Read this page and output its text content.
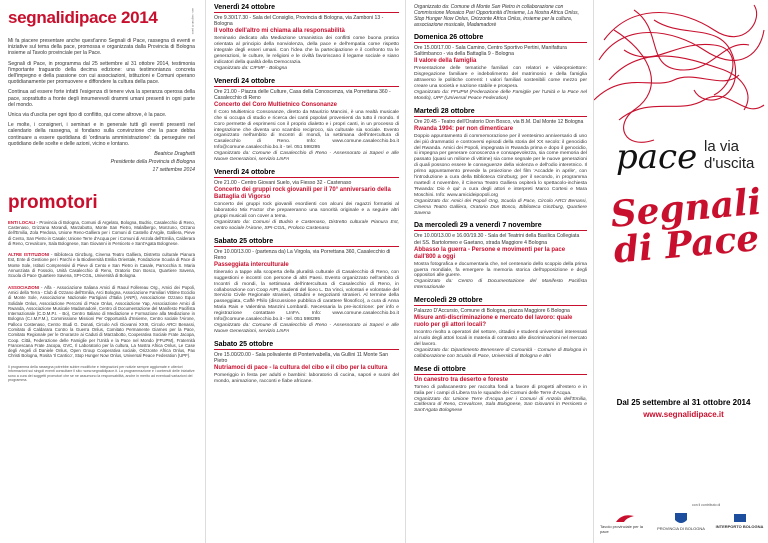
segnalidipace 2014	ass. segnali di pace

Mi fa piacere presentare anche quest'anno Segnali di Pace, rassegna di eventi e iniziative sul tema della pace, promossa e organizzata dalla Provincia di Bologna insieme al Tavolo provinciale per la Pace.

Segnali di Pace, in programma dal 25 settembre al 31 ottobre 2014, testimonia l'importante traguardo della decima edizione: una testimonianza concreta dell'impegno e della passione con cui associazioni, istituzioni e Comuni operano quotidianamente per promuovere e diffondere la cultura della pace.

Continua ad essere forte infatti l'esigenza di tenere viva la speranza operosa della pace, soprattutto a fronte degli innumerevoli drammi umani presenti in ogni parte del mondo.

Unica via d'uscita per ogni tipo di conflitto, qui come altrove, è la pace.

Le molte, i consigneri, i seminari e in generale tutti gli eventi presenti nel calendario della rassegna, si fondano sulla convinzione che la pace debba continuare a essere quotidiana di 'ordinaria amministrazione': da perseguire nel quotidiano delle scelte e delle azioni, vicino e lontano.

Beatrice Draghetti
Presidente della Provincia di Bologna
17 settembre 2014
promotori
ENTI LOCALI - Provincia di Bologna, Comuni di Argelato, Bologna, Budrio, Casalecchio di Reno, Castenaso, Grizzana Morandi, Marzabotto, Monte San Pietro, Malalbergo, Monzuno, Ozzano dell'Emilia, Zola Predosa, Unione Reno-Galliera per i Comuni di Castello d'Argile, Galliera, Pieve di Cento, San Pietro in Casale; Unione Terre d'Acqua per i Comuni di Anzola dell'Emilia, Calderara di Reno, Crevalcore, Sala Bolognese, San Giovanni in Persiceto e Sant'Agata Bolognese.
ALTRE ISTITUZIONI - Biblioteca Ginzburg, Cinema Teatro Galliera, Distretto culturale Pianura Est, Ente di Gestione per i Parchi e la Biodiversità Emilia Orientale, Fondazione Scuola di Pace di Monte Sole, Istituti Comprensivi di Pieve di Cento e San Pietro in Casale, Parrocchia S. Maria Annunziata di Fossolo, Unità Casalecchio di Reno, Oratorio Don Bosco, Quartiere Savena, Scuola di Pace Quartiere Savena, SPI-CGIL, Università di Bologna.
ASSOCIAZIONI - Alfa - Associazione Italiana Amici di Raoul Follereau Org., Amici dei Popoli, Amici della Terra - Club di Ozzano dell'Emilia, Arci Bologna, Associazione Familiari Vittime Eccidio di Monte Sole, Associazione Nazionale Partigiani d'Italia (ANPI), Associazione Ozzano Equo Solidale Onlus, Associazione Percorsi di Pace Onlus, Associazione Yap, Associazione Amici di Rwanda, Associazione Musicale Madamadorè, Centro di Documentazione del Manifesto Pacifista Internazionale (C.D.M.P.I. - Bo), Centro Italiano di Mediazione e Formazione alla Mediazione in Bologna (C.I.M.F.M.), Commissione Missioni Per Opportunità d'Insieme, Centro sociale l'Airone, Palloco Costenaso, Centro Studi G. Donati, Circolo Acli Giovanni XXIII, Circolo ARCI Benassi, Comitato di Caldarara Contro la Guerra Onlus, Comitato Permanente Giarnes per la Pace, Comitato Regionale per le Onoranze ai Caduti di Marzabotto, Cooperativa Sociale Frate Jacopa, Coop. Città, Federazione delle Famiglie per l'Unità e la Pace nel Mondo (FFUPM), Fraternità Francescana Frate Jacopa, GVC, Il Laboratorio per la cultura, La Nostra Africa Onlus, Le Case degli Angeli di Daniele Onlus, Open Group Cooperativa sociale, Orizzonte Africa Onlus, Pax Christi Bologna, Rosita 'Il Cantico', Stop Hunger Now Onlus, Universal Peace Federation (UPF).
Il programma della rassegna potrebbe subire modifiche e integrazioni per notizie sempre aggiornate e ulteriori informazioni sui singoli eventi consultare il sito: www.segnalidipace.it. La programmazione e i contenuti delle iniziative sono a cura dei soggetti promotori che se ne assumono la responsabilità, anche in merito ad eventuali variazioni del programma.
Venerdì 24 ottobre
Ore 9.30/17.30 - Sala del Consiglio, Provincia di Bologna, via Zamboni 13 - Bologna
Il volto dell'altro mi chiama alla responsabilità
Seminario dedicato alla Mediazione Umanistica dei conflitti come buona pratica orientata al principio della nonviolenza, della pace e dell'empatia come rispetto integrale degli esseri umani. Con l'idea che la partecipazione e il confronto tra le generazioni, le culture, le religioni e le civiltà favoriscano il legame sociale e siano indicatori della qualità della Democrazia.
Organizzato da: CIFMF - Bologna
Venerdì 24 ottobre
Ore 21.00 - Piazza delle Culture, Casa della Conoscenza, via Porrettana 360 - Casalecchio di Reno
Concerto del Coro Multietnico Consonanze
Il Coro Multietnico Consonanze, diretto da Maurizio Mancini, è una realtà musicale che si occupa di studio e ricerca dei canti popolari provenienti da tutto il mondo. Il Coro permette di esprimersi con il proprio dialetto e i propri canti, in un processo di integrazione che diventa uno scambio reciproco, sia culturale sia sociale. Evento organizzato nell'ambito di Incontri di mondi, la settimana dell'intercultura di Casalecchio di Reno. Info: www.comune.casalecchio.bo.it Info@comune.casalecchio.bo.it - tel. 051 598295
Organizzato da: Comune di Casalecchio di Reno - Assessorato ai Saperi e alle Nuove Generazioni, servizio LInFA
Venerdì 24 ottobre
Ore 21.00 - Centro Giovani Suelo, via Fiesso 32 - Castenaso
Concerto dei gruppi rock giovanili per il 70° anniversario della Battaglia di Vigorso
Concerto dei gruppi rock giovanili esordienti con alcuni dei ragazzi formatisi al laboratorio Mix Factor che prepareranno una sonorità originale e a seguire altri gruppi musicali con cover a tema.
Organizzato da: Comuni di Budrio e Castenaso, Distretto culturale Pianura Est, centro sociale l'Airone, SPI-CGIL, Proloco Castenaso
Sabato 25 ottobre
Ore 10.00/13.00 - (partenza da) La Virgola, via Porrettana 360, Casalecchio di Reno
Passeggiata interculturale
Itinerario a tappe alla scoperta della pluralità culturale di Casalecchio di Reno, con suggestioni e incontri con persone di altri Paesi. Evento organizzato nell'ambito di Incontri di mondi, la settimana dell'intercultura di Casalecchio di Reno, in collaborazione con Coop AIPI, studenti del liceo L. Da Vinci, volontari e volontarie del Servizio Civile Regionale stranieri, cittadini e negozianti stranieri. Al termine della passeggiata, Caffè Philo (discussione pubblica di carattere filosofico), a cura di Anna Maria Rais e Valentina Manzini Lombardi. Necessaria la pre-iscrizione: per info e registrazione contattare LInFA. Info: www.comune.casalecchio.bo.it Info@comune.casalecchio.bo.it - tel. 051 598295
Organizzato da: Comune di Casalecchio di Reno - Assessorato ai Saperi e alle Nuove Generazioni, servizio LInFA
Sabato 25 ottobre
Ore 15.00/20.00 - Sala polivalente di Ponterivabella, via Gullini 11 Monte San Pietro
Nutriamoci di pace - la cultura del cibo e il cibo per la cultura
Pomeriggio in festa per adulti e bambini: laboratorio di cucina, sapori e suoni del mondo, animazione, racconti e fiabe africane.
Organizzato da: Comune di Monte San Pietro in collaborazione con Commissione Mosaico Pari Opportunità d'Insieme, La Nostra Africa Onlus, Stop Hunger Now Onlus, Orizzonte Africa Onlus, insieme per la cultura, associazione musicale, Madamadorè
Domenica 26 ottobre
Ore 15.00/17.00 - Sala Camino, Centro Sportivo Pertini, Manifattura Saltimbanco - via della Battaglia 9 - Bologna
Il valore della famiglia
Presentazione delle tematiche familiari con relatori e videoproiettore: Disgregazione familiare e indebolimento del matrimonio e della famiglia attraverso le politiche correnti: I valori familiari sostenibili come mezzo per creare una società e nazione stabile e prospera.
Organizzato da: FFUPM (Federazione delle Famiglie per l'Unità e la Pace nel Mondo), UPF (Universal Peace Federation)
Martedì 28 ottobre
Ore 20.45 - Teatro dell'Oratorio Don Bosco, via B.M. Dal Monte 12 Bologna
Rwanda 1994: per non dimenticare
Doppio appuntamento di commemorazione per il ventesimo anniversario di uno dei più drammatici e controversi episodi della storia del XX secolo: il genocidio del Rwanda. Amici dei Popoli, impegnata in Rwanda prima e dopo il genocidio, si impegna per generare conoscenza e consapevolezza, sia come memoria del passato (quasi un milione di vittime) sia come segnale per le nuove generazioni di quali possono essere le conseguenze della violenza e dell'odio interetnico. Il primo appuntamento prevede la proiezione del film 'Accadde in aprile', con l'introduzione a cura della Biblioteca Ginzburg; per il secondo, in programma martedì 4 novembre, il Cinema Teatro Galliera ospiterà lo spettacolo-inchiesta 'Rwanda: Dio è qui' a cura degli attori e interpreti Marco Cortesi e Mara Moschini. Info: www.amicideipopoli.org
Organizzato da: Amici dei Popoli Ong, Scuola di Pace, Circolo ARCI Benassi, Cinema Teatro Galliera, Oratorio Don Bosco, Biblioteca Ginzburg, Quartiere Savena
Da mercoledì 29 a venerdì 7 novembre
Ore 10.00/13.00 e 16.00/19.30 - Sala del Teatrini della Basilica Collegiata dei SS. Bartolomeo e Gaetano, strada Maggiore 4 Bologna
Abbasso la guerra - Persone e movimenti per la pace dall'800 a oggi
Mostra fotografica e documentaria che, nel centenario dello scoppio della prima guerra mondiale, fa emergere la memoria storica dell'opposizione e degli oppositori alle guerre.
Organizzato da: Centro di Documentazione del Manifesto Pacifista Internazionale
Mercoledì 29 ottobre
Palazzo D'Accursio, Comune di Bologna, piazza Maggiore 6 Bologna
Misure anti-discriminazione e mercato del lavoro: quale ruolo per gli attori locali?
Incontro rivolto a operatori del settore, cittadini e studenti universitari interessati al ruolo degli attori locali in materia di contrasto alle discriminazioni nel mercato del lavoro.
Organizzato da: Dipartimento Benessere di Comunità - Comune di Bologna in collaborazione con Scuola di Pace, Università di Bologna e altri
Mese di ottobre
Un canestro tra deserto e foreste
Torneo di pallacanestro per raccolta fondi a favore di progetti all'estero e in Italia per i campi di Libera tra le squadre dei Comuni delle Terre d'Acqua.
Organizzato da: Unione Terre d'Acqua per i Comuni di Anzola dell'Emilia, Calderara di Reno, Crevalcore, Sala Bolognese, San Giovanni in Persiceto e Sant'Agata Bolognese
pace la via d'uscita
Segnali di Pace
Dal 25 settembre al 31 ottobre 2014
www.segnalidipace.it
con il contributo di
Tavolo provinciale per la pace
PROVINCIA DI BOLOGNA	INTERPORTO BOLOGNA
